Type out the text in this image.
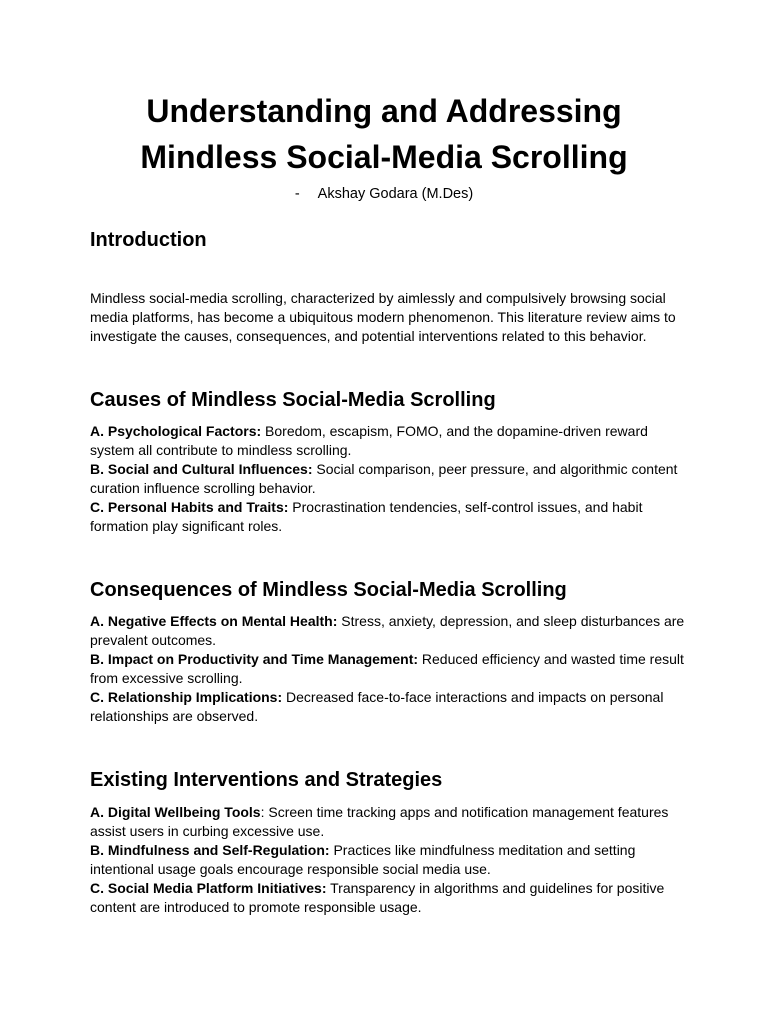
Understanding and Addressing
Mindless Social-Media Scrolling
- Akshay Godara (M.Des)
Introduction
Mindless social-media scrolling, characterized by aimlessly and compulsively browsing social media platforms, has become a ubiquitous modern phenomenon. This literature review aims to investigate the causes, consequences, and potential interventions related to this behavior.
Causes of Mindless Social-Media Scrolling

A. Psychological Factors: Boredom, escapism, FOMO, and the dopamine-driven reward system all contribute to mindless scrolling.

B. Social and Cultural Influences: Social comparison, peer pressure, and algorithmic content curation influence scrolling behavior.

C. Personal Habits and Traits: Procrastination tendencies, self-control issues, and habit formation play significant roles.

Consequences of Mindless Social-Media Scrolling

A. Negative Effects on Mental Health: Stress, anxiety, depression, and sleep disturbances are prevalent outcomes.

B. Impact on Productivity and Time Management: Reduced efficiency and wasted time result from excessive scrolling.

C. Relationship Implications: Decreased face-to-face interactions and impacts on personal relationships are observed.

Existing Interventions and Strategies

A. Digital Wellbeing Tools: Screen time tracking apps and notification management features assist users in curbing excessive use.

B. Mindfulness and Self-Regulation: Practices like mindfulness meditation and setting intentional usage goals encourage responsible social media use.

C. Social Media Platform Initiatives: Transparency in algorithms and guidelines for positive content are introduced to promote responsible usage.
